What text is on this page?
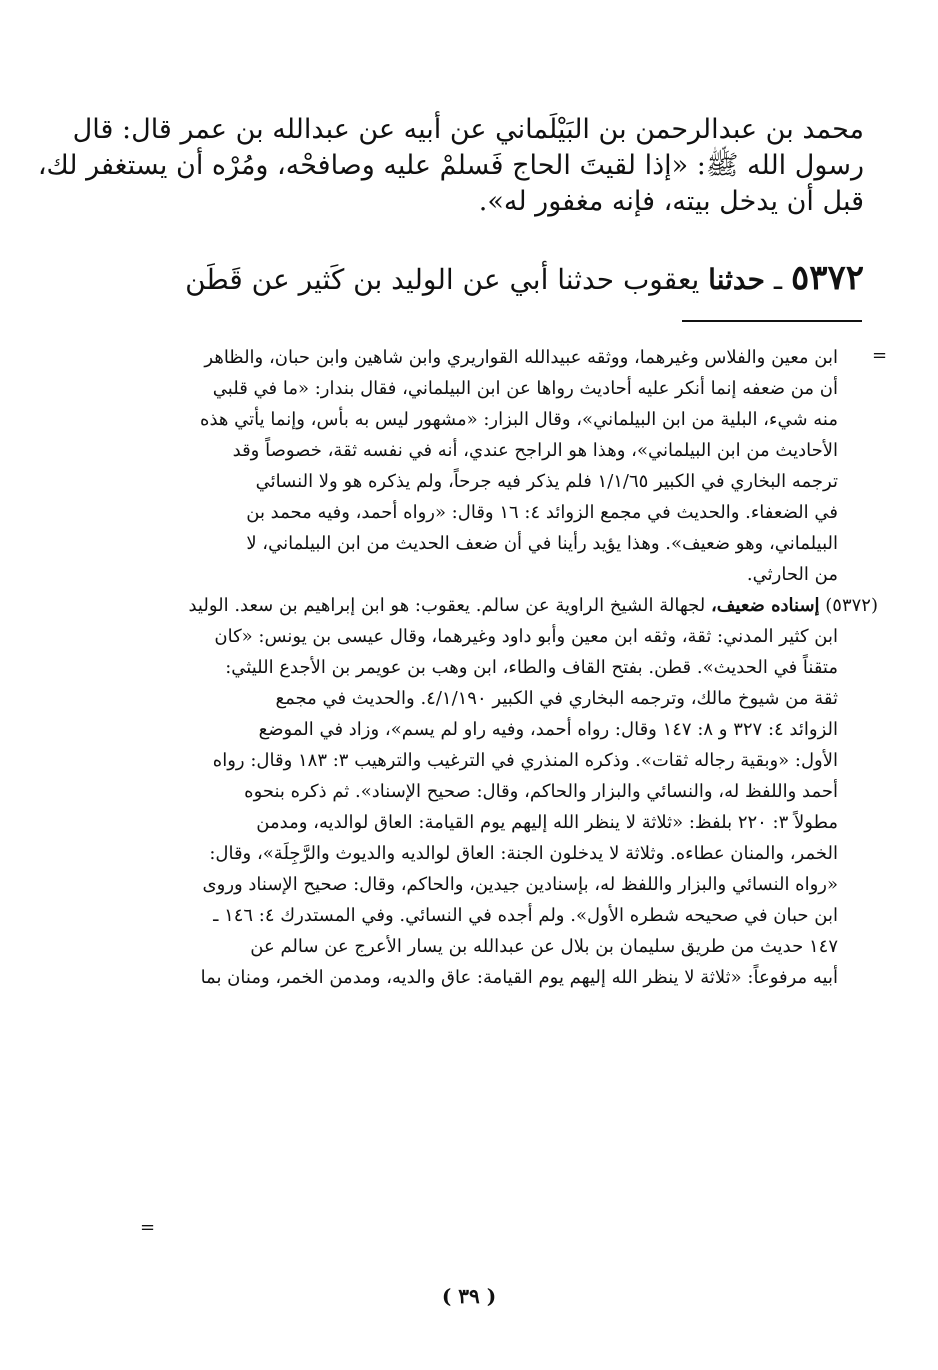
محمد بن عبدالرحمن بن البَيْلَماني عن أبيه عن عبدالله بن عمر قال: قال

رسول الله ﷺ: «إذا لقيتَ الحاج فَسلمْ عليه وصافحْه، ومُرْه أن يستغفر لك،

قبل أن يدخل بيته، فإنه مغفور له».

٥٣٧٢ ـ حدثنا يعقوب حدثنا أبي عن الوليد بن كَثير عن قَطَن
=

ابن معين والفلاس وغيرهما، ووثقه عبيدالله القواريري وابن شاهين وابن حبان، والظاهر

أن من ضعفه إنما أنكر عليه أحاديث رواها عن ابن البيلماني، فقال بندار: «ما في قلبي

منه شيء، البلية من ابن البيلماني»، وقال البزار: «مشهور ليس به بأس، وإنما يأتي هذه

الأحاديث من ابن البيلماني»، وهذا هو الراجح عندي، أنه في نفسه ثقة، خصوصاً وقد

ترجمه البخاري في الكبير ١/١/٦٥ فلم يذكر فيه جرحاً، ولم يذكره هو ولا النسائي

في الضعفاء. والحديث في مجمع الزوائد ٤: ١٦ وقال: «رواه أحمد، وفيه محمد بن

البيلماني، وهو ضعيف». وهذا يؤيد رأينا في أن ضعف الحديث من ابن البيلماني، لا

من الحارثي.

(٥٣٧٢) إسناده ضعيف، لجهالة الشيخ الراوية عن سالم. يعقوب: هو ابن إبراهيم بن سعد. الوليد

ابن كثير المدني: ثقة، وثقه ابن معين وأبو داود وغيرهما، وقال عيسى بن يونس: «كان

متقناً في الحديث». قطن. بفتح القاف والطاء، ابن وهب بن عويمر بن الأجدع الليثي:

ثقة من شيوخ مالك، وترجمه البخاري في الكبير ٤/١/١٩٠. والحديث في مجمع

الزوائد ٤: ٣٢٧ و ٨: ١٤٧ وقال: رواه أحمد، وفيه راو لم يسم»، وزاد في الموضع

الأول: «وبقية رجاله ثقات». وذكره المنذري في الترغيب والترهيب ٣: ١٨٣ وقال: رواه

أحمد واللفظ له، والنسائي والبزار والحاكم، وقال: صحيح الإسناد». ثم ذكره بنحوه

مطولاً ٣: ٢٢٠ بلفظ: «ثلاثة لا ينظر الله إليهم يوم القيامة: العاق لوالديه، ومدمن

الخمر، والمنان عطاءه. وثلاثة لا يدخلون الجنة: العاق لوالديه والديوث والرَّجِلَة»، وقال:

«رواه النسائي والبزار واللفظ له، بإسنادين جيدين، والحاكم، وقال: صحيح الإسناد وروى

ابن حبان في صحيحه شطره الأول». ولم أجده في النسائي. وفي المستدرك ٤: ١٤٦ ـ

١٤٧ حديث من طريق سليمان بن بلال عن عبدالله بن يسار الأعرج عن سالم عن

أبيه مرفوعاً: «ثلاثة لا ينظر الله إليهم يوم القيامة: عاق والديه، ومدمن الخمر، ومنان بما

=
( ٣٩ )
